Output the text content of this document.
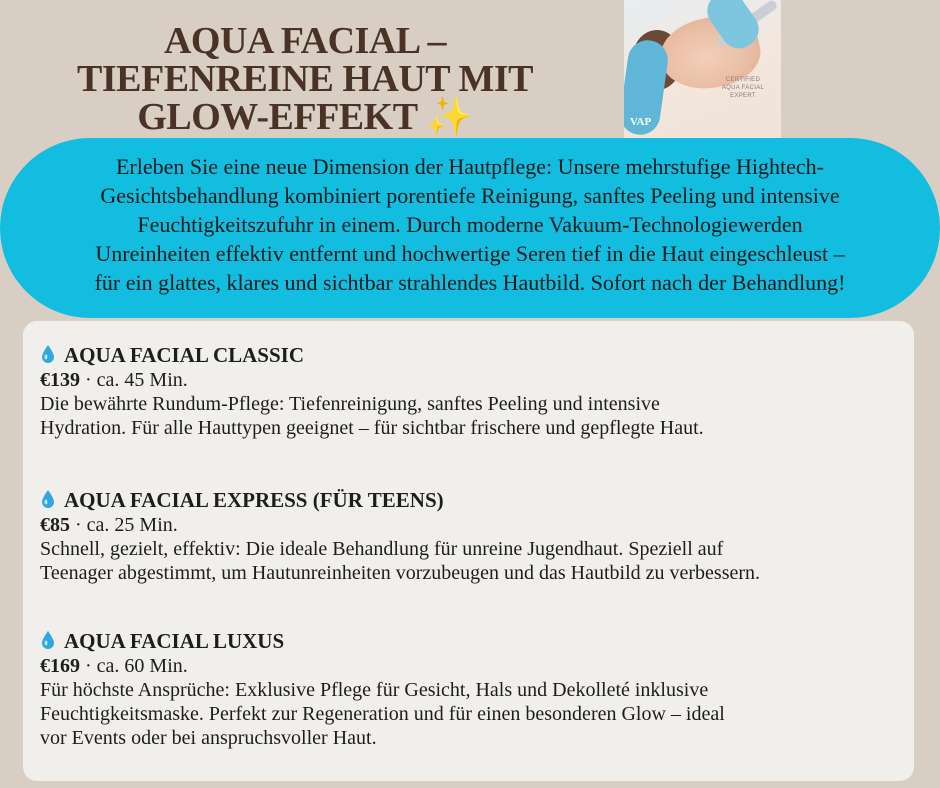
AQUA FACIAL –
TIEFENREINE HAUT MIT
GLOW-EFFEKT ✨
CERTIFIED
AQUA FACIAL
EXPERT
VAP

Erleben Sie eine neue Dimension der Hautpflege: Unsere mehrstufige Hightech-
Gesichtsbehandlung kombiniert porentiefe Reinigung, sanftes Peeling und intensive
Feuchtigkeitszufuhr in einem. Durch moderne Vakuum-Technologiewerden
Unreinheiten effektiv entfernt und hochwertige Seren tief in die Haut eingeschleust –
für ein glattes, klares und sichtbar strahlendes Hautbild. Sofort nach der Behandlung!

AQUA FACIAL CLASSIC
€139 · ca. 45 Min.
Die bewährte Rundum-Pflege: Tiefenreinigung, sanftes Peeling und intensive
Hydration. Für alle Hauttypen geeignet – für sichtbar frischere und gepflegte Haut.
AQUA FACIAL EXPRESS (FÜR TEENS)
€85 · ca. 25 Min.
Schnell, gezielt, effektiv: Die ideale Behandlung für unreine Jugendhaut. Speziell auf
Teenager abgestimmt, um Hautunreinheiten vorzubeugen und das Hautbild zu verbessern.
AQUA FACIAL LUXUS
€169 · ca. 60 Min.
Für höchste Ansprüche: Exklusive Pflege für Gesicht, Hals und Dekolleté inklusive
Feuchtigkeitsmaske. Perfekt zur Regeneration und für einen besonderen Glow – ideal
vor Events oder bei anspruchsvoller Haut.
